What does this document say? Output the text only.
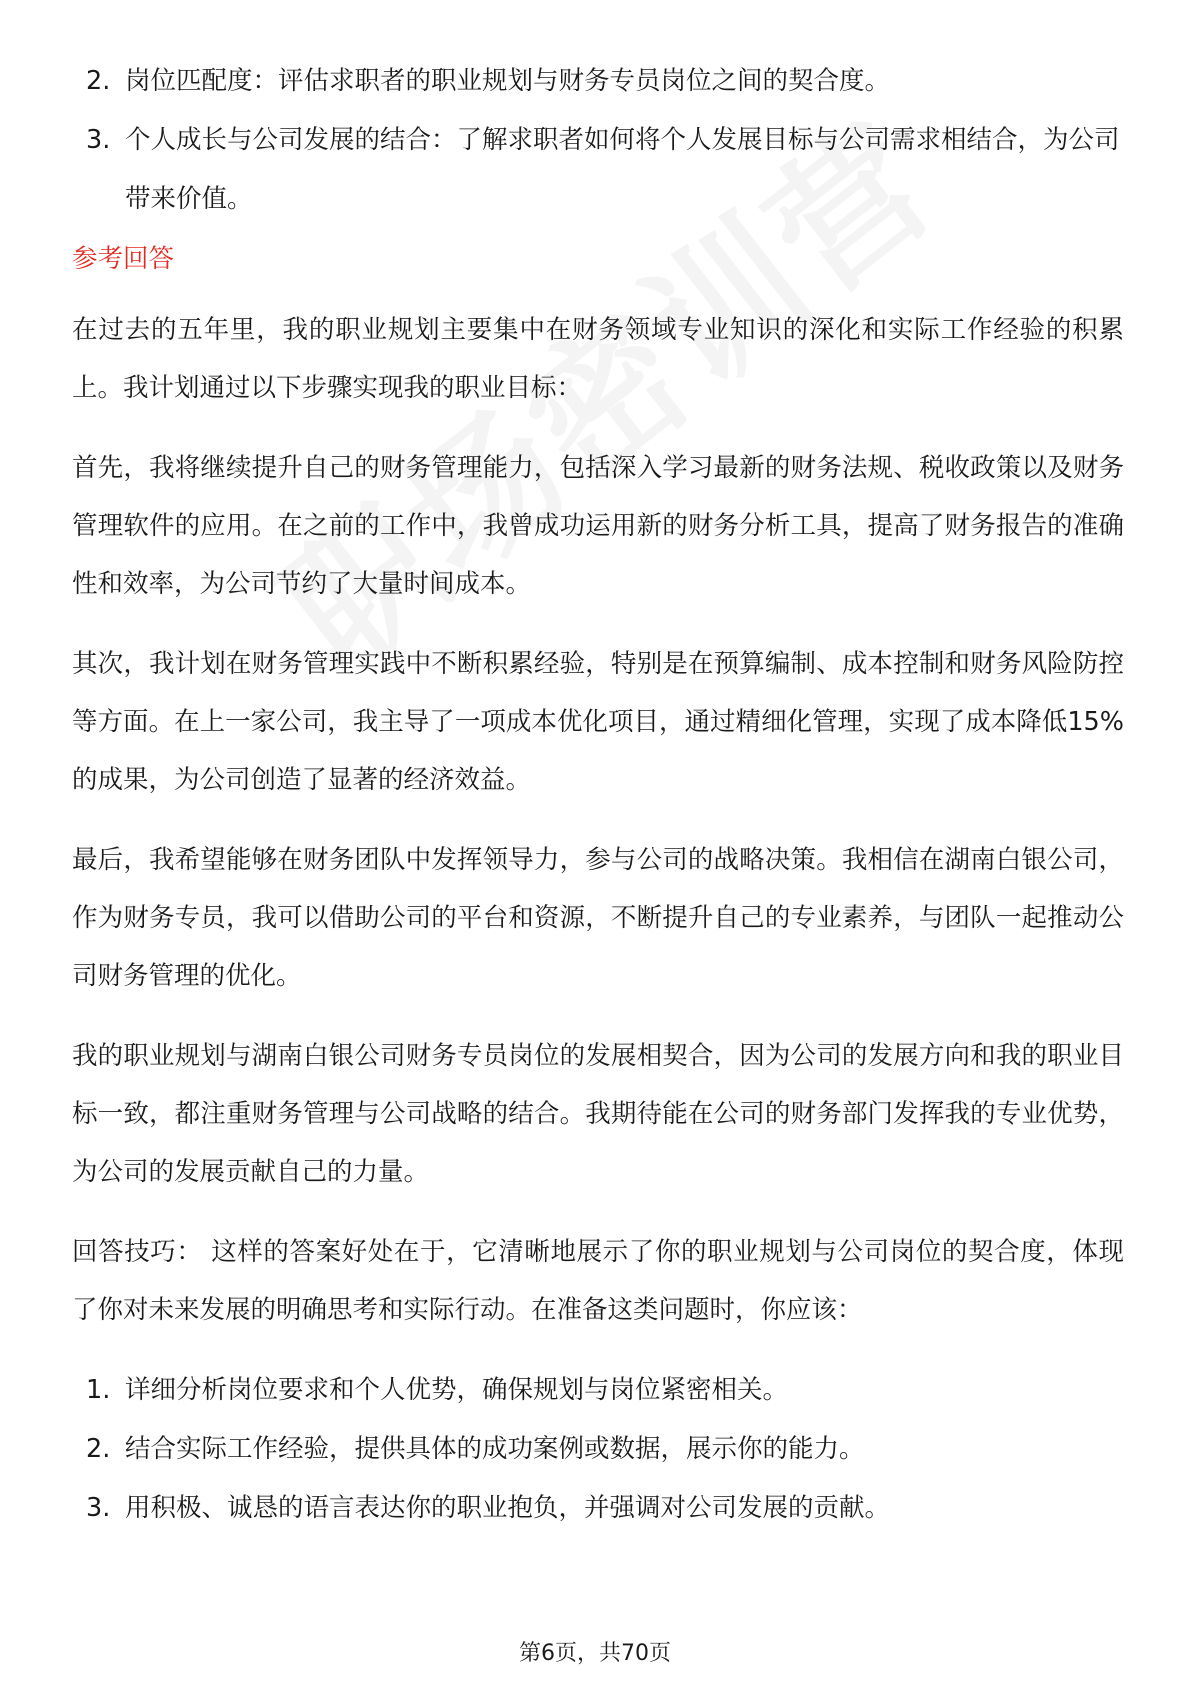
2. 岗位匹配度：评估求职者的职业规划与财务专员岗位之间的契合度。
3. 个人成长与公司发展的结合：了解求职者如何将个人发展目标与公司需求相结合，为公司带来价值。
参考回答

在过去的五年里，我的职业规划主要集中在财务领域专业知识的深化和实际工作经验的积累上。我计划通过以下步骤实现我的职业目标：

首先，我将继续提升自己的财务管理能力，包括深入学习最新的财务法规、税收政策以及财务管理软件的应用。在之前的工作中，我曾成功运用新的财务分析工具，提高了财务报告的准确性和效率，为公司节约了大量时间成本。

其次，我计划在财务管理实践中不断积累经验，特别是在预算编制、成本控制和财务风险防控等方面。在上一家公司，我主导了一项成本优化项目，通过精细化管理，实现了成本降低15%的成果，为公司创造了显著的经济效益。

最后，我希望能够在财务团队中发挥领导力，参与公司的战略决策。我相信在湖南白银公司，作为财务专员，我可以借助公司的平台和资源，不断提升自己的专业素养，与团队一起推动公司财务管理的优化。

我的职业规划与湖南白银公司财务专员岗位的发展相契合，因为公司的发展方向和我的职业目标一致，都注重财务管理与公司战略的结合。我期待能在公司的财务部门发挥我的专业优势，为公司的发展贡献自己的力量。

回答技巧： 这样的答案好处在于，它清晰地展示了你的职业规划与公司岗位的契合度，体现了你对未来发展的明确思考和实际行动。在准备这类问题时，你应该：

1. 详细分析岗位要求和个人优势，确保规划与岗位紧密相关。
2. 结合实际工作经验，提供具体的成功案例或数据，展示你的能力。
3. 用积极、诚恳的语言表达你的职业抱负，并强调对公司发展的贡献。
第6页，共70页
